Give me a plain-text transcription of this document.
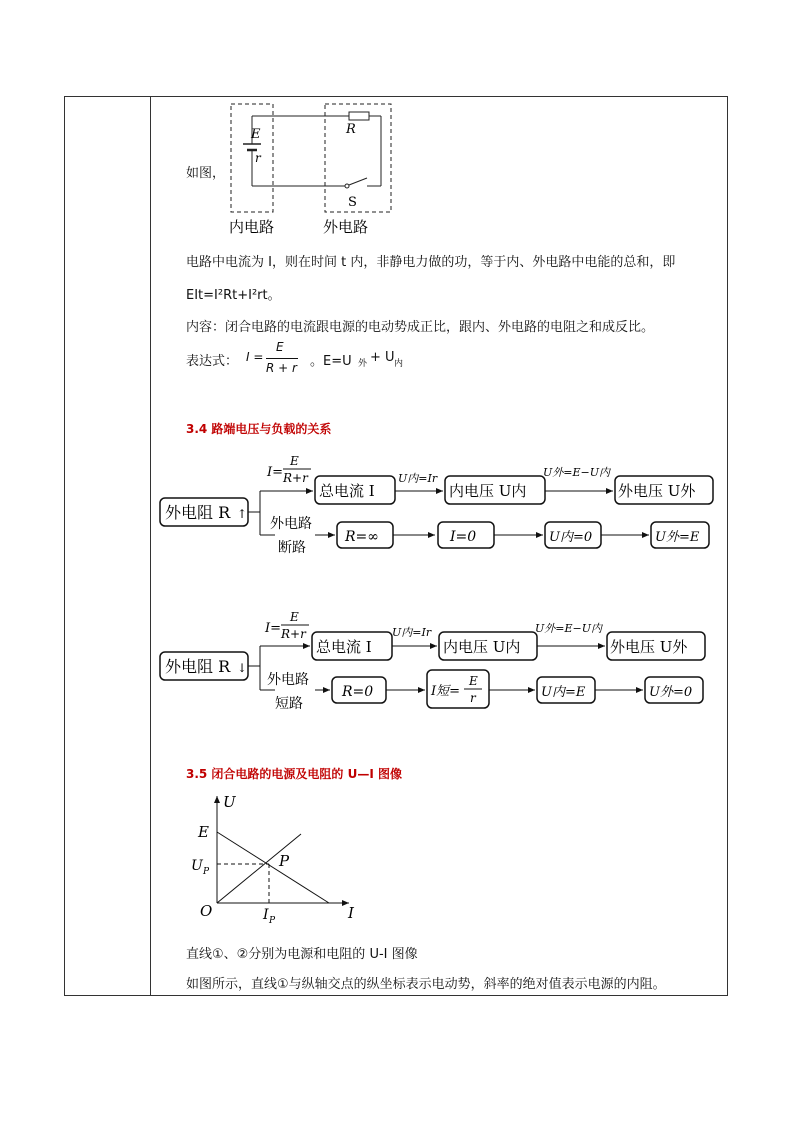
如图，
E
r
R
S
内电路	外电路
电路中电流为 I，则在时间 t 内，非静电力做的功，等于内、外电路中电能的总和，即
EIt=I²Rt+I²rt。
内容：闭合电路的电流跟电源的电动势成正比，跟内、外电路的电阻之和成反比。
表达式： I =
E
R + r 。E=U 外 + U 内
3.4 路端电压与负载的关系
外电阻 R ↑
I=
E
R+r
总电流 I
U内=Ir
内电压 U内
U外=E−U内
外电压 U外
外电路
断路
R=∞	I=0	U内=0	U外=E
外电阻 R ↓
I=
E
R+r
总电流 I
U内=Ir
内电压 U内
U外=E−U内
外电压 U外
外电路
短路
R=0	I短=
E
r	U内=E	U外=0
3.5 闭合电路的电源及电阻的 U—I 图像
U
I
O
E
U P
I P
P
直线①、②分别为电源和电阻的 U-I 图像
如图所示，直线①与纵轴交点的纵坐标表示电动势，斜率的绝对值表示电源的内阻。
